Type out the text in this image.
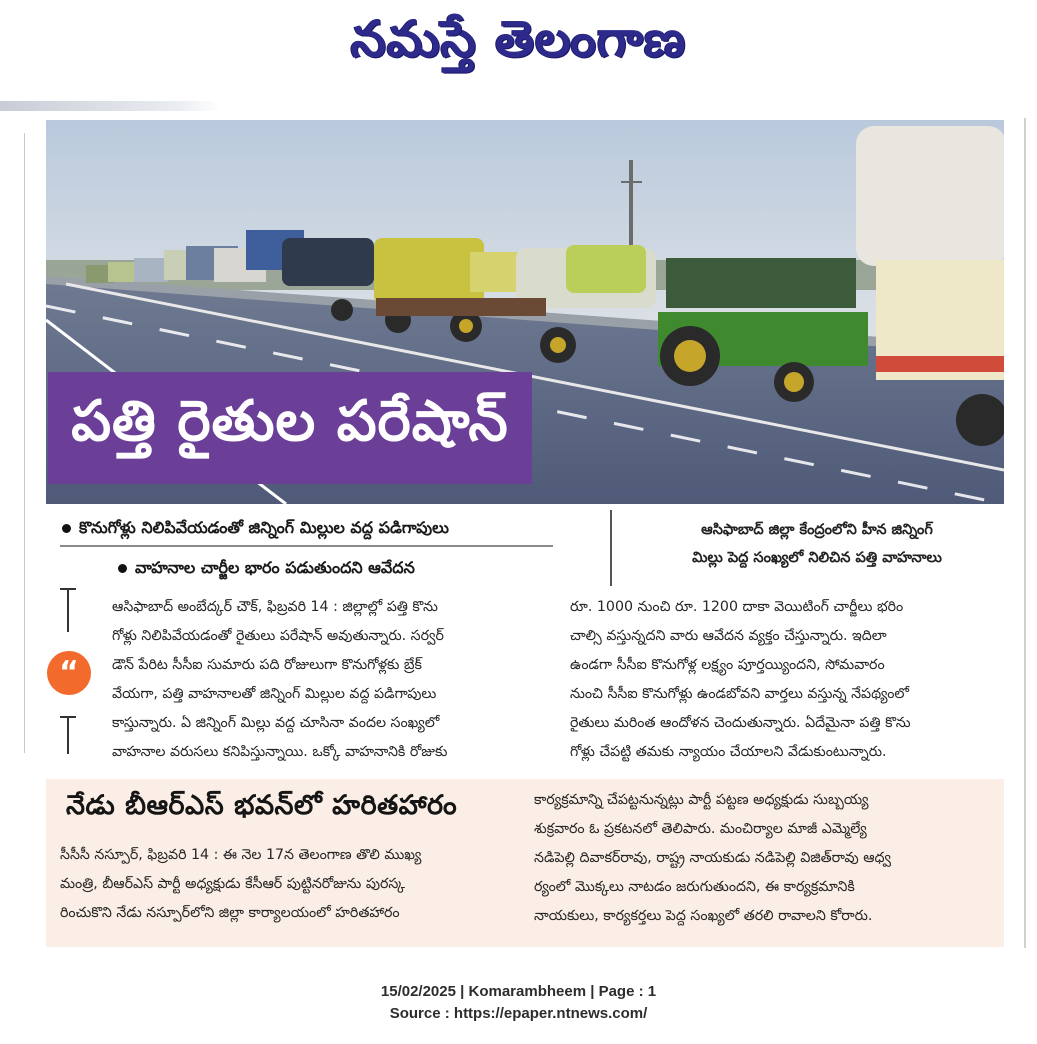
నమస్తే తెలంగాణ
పత్తి రైతుల పరేషాన్
కొనుగోళ్లు నిలిపివేయడంతో జిన్నింగ్ మిల్లుల వద్ద పడిగాపులు
వాహనాల చార్జీల భారం పడుతుందని ఆవేదన
ఆసిఫాబాద్ జిల్లా కేంద్రంలోని హీన జిన్నింగ్
మిల్లు పెద్ద సంఖ్యలో నిలిచిన పత్తి వాహనాలు
“

ఆసిఫాబాద్ అంబేద్కర్ చౌక్, ఫిబ్రవరి 14 : జిల్లాల్లో పత్తి కొను

గోళ్లు నిలిపివేయడంతో రైతులు పరేషాన్ అవుతున్నారు. సర్వర్

డౌన్ పేరిట సీసీఐ సుమారు పది రోజులుగా కొనుగోళ్లకు బ్రేక్

వేయగా, పత్తి వాహనాలతో జిన్నింగ్ మిల్లుల వద్ద పడిగాపులు

కాస్తున్నారు. ఏ జిన్నింగ్ మిల్లు వద్ద చూసినా వందల సంఖ్యలో

వాహనాల వరుసలు కనిపిస్తున్నాయి. ఒక్కో వాహనానికి రోజుకు

రూ. 1000 నుంచి రూ. 1200 దాకా వెయిటింగ్ చార్జీలు భరిం

చాల్సి వస్తున్నదని వారు ఆవేదన వ్యక్తం చేస్తున్నారు. ఇదిలా

ఉండగా సీసీఐ కొనుగోళ్ల లక్ష్యం పూర్తయ్యిందని, సోమవారం

నుంచి సీసీఐ కొనుగోళ్లు ఉండబోవని వార్తలు వస్తున్న నేపథ్యంలో

రైతులు మరింత ఆందోళన చెందుతున్నారు. ఏదేమైనా పత్తి కొను

గోళ్లు చేపట్టి తమకు న్యాయం చేయాలని వేడుకుంటున్నారు.

నేడు బీఆర్‌ఎస్ భవన్‌లో హరితహారం

సీసీసీ నస్పూర్, ఫిబ్రవరి 14 : ఈ నెల 17న తెలంగాణ తొలి ముఖ్య

మంత్రి, బీఆర్‌ఎస్ పార్టీ అధ్యక్షుడు కేసీఆర్ పుట్టినరోజును పురస్క

రించుకొని నేడు నస్పూర్‌లోని జిల్లా కార్యాలయంలో హరితహారం

కార్యక్రమాన్ని చేపట్టనున్నట్లు పార్టీ పట్టణ అధ్యక్షుడు సుబ్బయ్య

శుక్రవారం ఓ ప్రకటనలో తెలిపారు. మంచిర్యాల మాజీ ఎమ్మెల్యే

నడిపెల్లి దివాకర్‌రావు, రాష్ట్ర నాయకుడు నడిపెల్లి విజిత్‌రావు ఆధ్వ

ర్యంలో మొక్కలు నాటడం జరుగుతుందని, ఈ కార్యక్రమానికి

నాయకులు, కార్యకర్తలు పెద్ద సంఖ్యలో తరలి రావాలని కోరారు.

15/02/2025 | Komarambheem | Page : 1
Source : https://epaper.ntnews.com/
